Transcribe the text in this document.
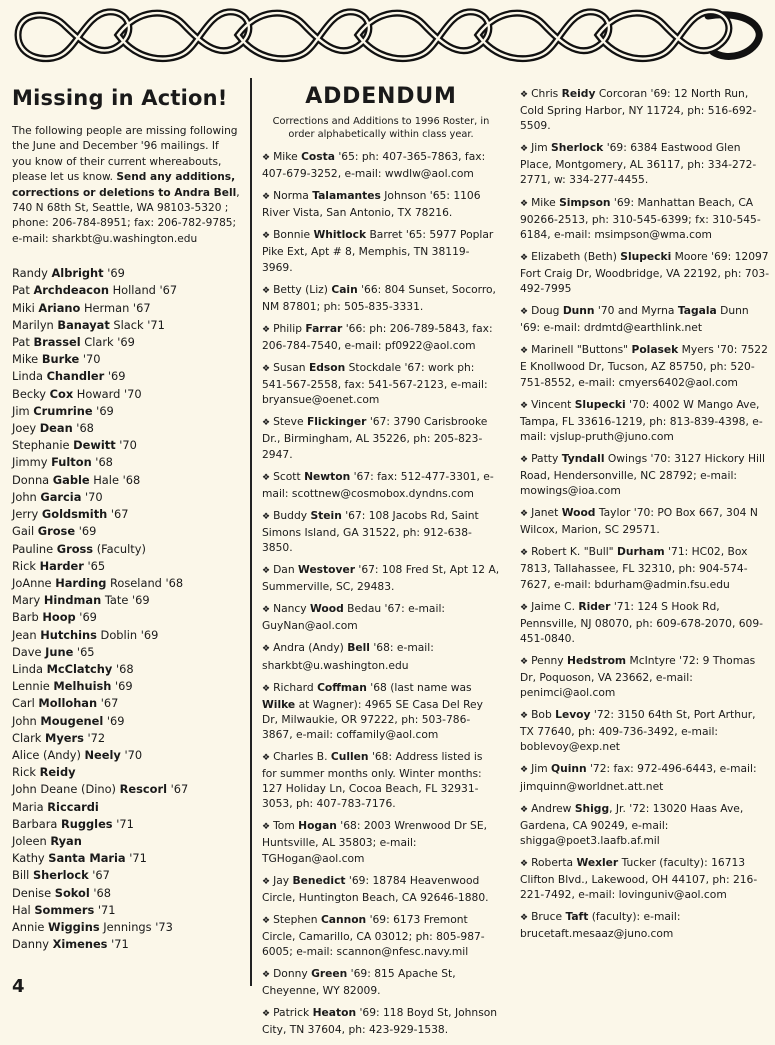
Missing in Action!
The following people are missing following the June and December '96 mailings. If you know of their current whereabouts, please let us know. Send any additions, corrections or deletions to Andra Bell, 740 N 68th St, Seattle, WA 98103-5320 ; phone: 206-784-8951; fax: 206-782-9785; e-mail: sharkbt@u.washington.edu
Randy Albright '69
Pat Archdeacon Holland '67
Miki Ariano Herman '67
Marilyn Banayat Slack '71
Pat Brassel Clark '69
Mike Burke '70
Linda Chandler '69
Becky Cox Howard '70
Jim Crumrine '69
Joey Dean '68
Stephanie Dewitt '70
Jimmy Fulton '68
Donna Gable Hale '68
John Garcia '70
Jerry Goldsmith '67
Gail Grose '69
Pauline Gross (Faculty)
Rick Harder '65
JoAnne Harding Roseland '68
Mary Hindman Tate '69
Barb Hoop '69
Jean Hutchins Doblin '69
Dave June '65
Linda McClatchy '68
Lennie Melhuish '69
Carl Mollohan '67
John Mougenel '69
Clark Myers '72
Alice (Andy) Neely '70
Rick Reidy
John Deane (Dino) Rescorl '67
Maria Riccardi
Barbara Ruggles '71
Joleen Ryan
Kathy Santa Maria '71
Bill Sherlock '67
Denise Sokol '68
Hal Sommers '71
Annie Wiggins Jennings '73
Danny Ximenes '71
ADDENDUM
Corrections and Additions to 1996 Roster, in order alphabetically within class year.
❖ Mike Costa '65: ph: 407-365-7863, fax: 407-679-3252, e-mail: wwdlw@aol.com
❖ Norma Talamantes Johnson '65: 1106 River Vista, San Antonio, TX 78216.
❖ Bonnie Whitlock Barret '65: 5977 Poplar Pike Ext, Apt # 8, Memphis, TN 38119-3969.
❖ Betty (Liz) Cain '66: 804 Sunset, Socorro, NM 87801; ph: 505-835-3331.
❖ Philip Farrar '66: ph: 206-789-5843, fax: 206-784-7540, e-mail: pf0922@aol.com
❖ Susan Edson Stockdale '67: work ph: 541-567-2558, fax: 541-567-2123, e-mail: bryansue@oenet.com
❖ Steve Flickinger '67: 3790 Carisbrooke Dr., Birmingham, AL 35226, ph: 205-823-2947.
❖ Scott Newton '67: fax: 512-477-3301, e-mail: scottnew@cosmobox.dyndns.com
❖ Buddy Stein '67: 108 Jacobs Rd, Saint Simons Island, GA 31522, ph: 912-638-3850.
❖ Dan Westover '67: 108 Fred St, Apt 12 A, Summerville, SC, 29483.
❖ Nancy Wood Bedau '67: e-mail: GuyNan@aol.com
❖ Andra (Andy) Bell '68: e-mail: sharkbt@u.washington.edu
❖ Richard Coffman '68 (last name was Wilke at Wagner): 4965 SE Casa Del Rey Dr, Milwaukie, OR 97222, ph: 503-786-3867, e-mail: coffamily@aol.com
❖ Charles B. Cullen '68: Address listed is for summer months only. Winter months: 127 Holiday Ln, Cocoa Beach, FL 32931-3053, ph: 407-783-7176.
❖ Tom Hogan '68: 2003 Wrenwood Dr SE, Huntsville, AL 35803; e-mail: TGHogan@aol.com
❖ Jay Benedict '69: 18784 Heavenwood Circle, Huntington Beach, CA 92646-1880.
❖ Stephen Cannon '69: 6173 Fremont Circle, Camarillo, CA 03012; ph: 805-987-6005; e-mail: scannon@nfesc.navy.mil
❖ Donny Green '69: 815 Apache St, Cheyenne, WY 82009.
❖ Patrick Heaton '69: 118 Boyd St, Johnson City, TN 37604, ph: 423-929-1538.
❖ Chris Reidy Corcoran '69: 12 North Run, Cold Spring Harbor, NY 11724, ph: 516-692-5509.
❖ Jim Sherlock '69: 6384 Eastwood Glen Place, Montgomery, AL 36117, ph: 334-272-2771, w: 334-277-4455.
❖ Mike Simpson '69: Manhattan Beach, CA 90266-2513, ph: 310-545-6399; fx: 310-545-6184, e-mail: msimpson@wma.com
❖ Elizabeth (Beth) Slupecki Moore '69: 12097 Fort Craig Dr, Woodbridge, VA 22192, ph: 703-492-7995
❖ Doug Dunn '70 and Myrna Tagala Dunn '69: e-mail: drdmtd@earthlink.net
❖ Marinell "Buttons" Polasek Myers '70: 7522 E Knollwood Dr, Tucson, AZ 85750, ph: 520-751-8552, e-mail: cmyers6402@aol.com
❖ Vincent Slupecki '70: 4002 W Mango Ave, Tampa, FL 33616-1219, ph: 813-839-4398, e-mail: vjslup-pruth@juno.com
❖ Patty Tyndall Owings '70: 3127 Hickory Hill Road, Hendersonville, NC 28792; e-mail: mowings@ioa.com
❖ Janet Wood Taylor '70: PO Box 667, 304 N Wilcox, Marion, SC 29571.
❖ Robert K. "Bull" Durham '71: HC02, Box 7813, Tallahassee, FL 32310, ph: 904-574-7627, e-mail: bdurham@admin.fsu.edu
❖ Jaime C. Rider '71: 124 S Hook Rd, Pennsville, NJ 08070, ph: 609-678-2070, 609-451-0840.
❖ Penny Hedstrom McIntyre '72: 9 Thomas Dr, Poquoson, VA 23662, e-mail: penimci@aol.com
❖ Bob Levoy '72: 3150 64th St, Port Arthur, TX 77640, ph: 409-736-3492, e-mail: boblevoy@exp.net
❖ Jim Quinn '72: fax: 972-496-6443, e-mail: jimquinn@worldnet.att.net
❖ Andrew Shigg, Jr. '72: 13020 Haas Ave, Gardena, CA 90249, e-mail: shigga@poet3.laafb.af.mil
❖ Roberta Wexler Tucker (faculty): 16713 Clifton Blvd., Lakewood, OH 44107, ph: 216-221-7492, e-mail: lovinguniv@aol.com
❖ Bruce Taft (faculty): e-mail: brucetaft.mesaaz@juno.com
4
